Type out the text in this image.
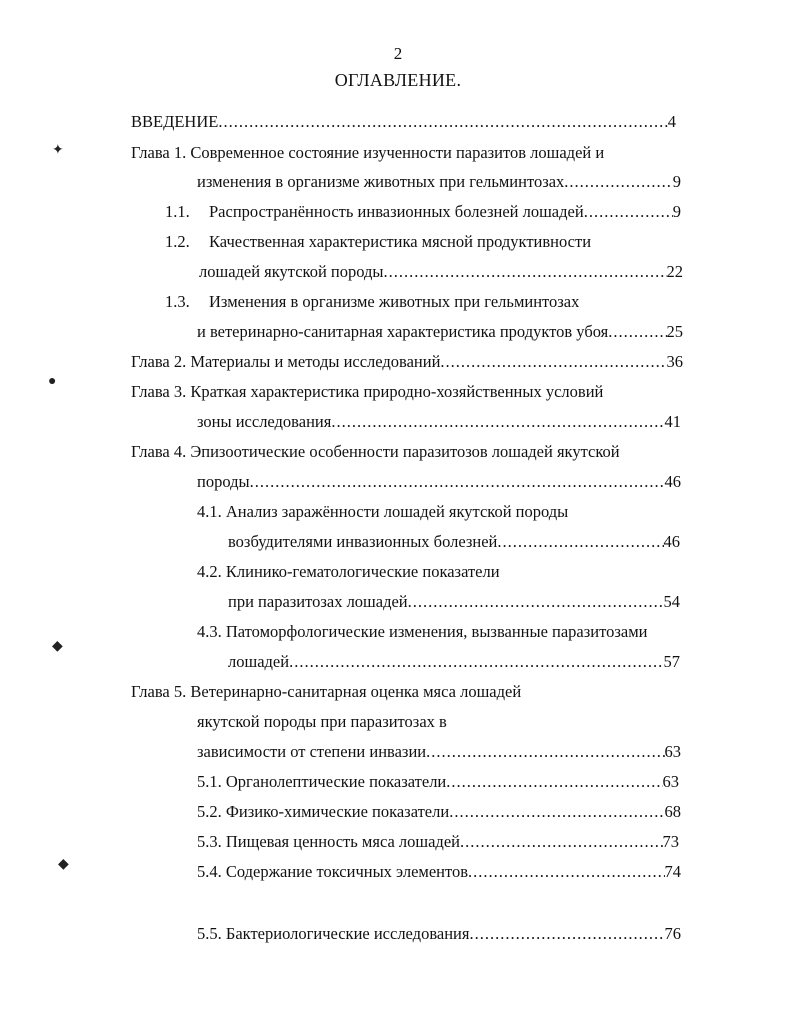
2
ОГЛАВЛЕНИЕ.
ВВЕДЕНИЕ .....	4
Глава 1. Современное состояние изученности паразитов лошадей и
изменения в организме животных при гельминтозах .....	9
1.1. Распространённость инвазионных болезней лошадей .....	9
1.2. Качественная характеристика мясной продуктивности
лошадей якутской породы .....	22
1.3. Изменения в организме животных при гельминтозах
и ветеринарно-санитарная характеристика продуктов убоя .....	25
Глава 2. Материалы и методы исследований .....	36
Глава 3. Краткая характеристика природно-хозяйственных условий
зоны исследования .....	41
Глава 4. Эпизоотические особенности паразитозов лошадей якутской
породы .....	46
4.1. Анализ заражённости лошадей якутской породы
возбудителями инвазионных болезней .....	46
4.2. Клинико-гематологические показатели
при паразитозах лошадей .....	54
4.3. Патоморфологические изменения, вызванные паразитозами
лошадей .....	57
Глава 5. Ветеринарно-санитарная оценка мяса лошадей
якутской породы при паразитозах в
зависимости от степени инвазии .....	63
5.1. Органолептические показатели .....	63
5.2. Физико-химические показатели .....	68
5.3. Пищевая ценность мяса лошадей .....	73
5.4. Содержание токсичных элементов .....	74
5.5. Бактериологические исследования .....	76
✦
●
◆
◆
